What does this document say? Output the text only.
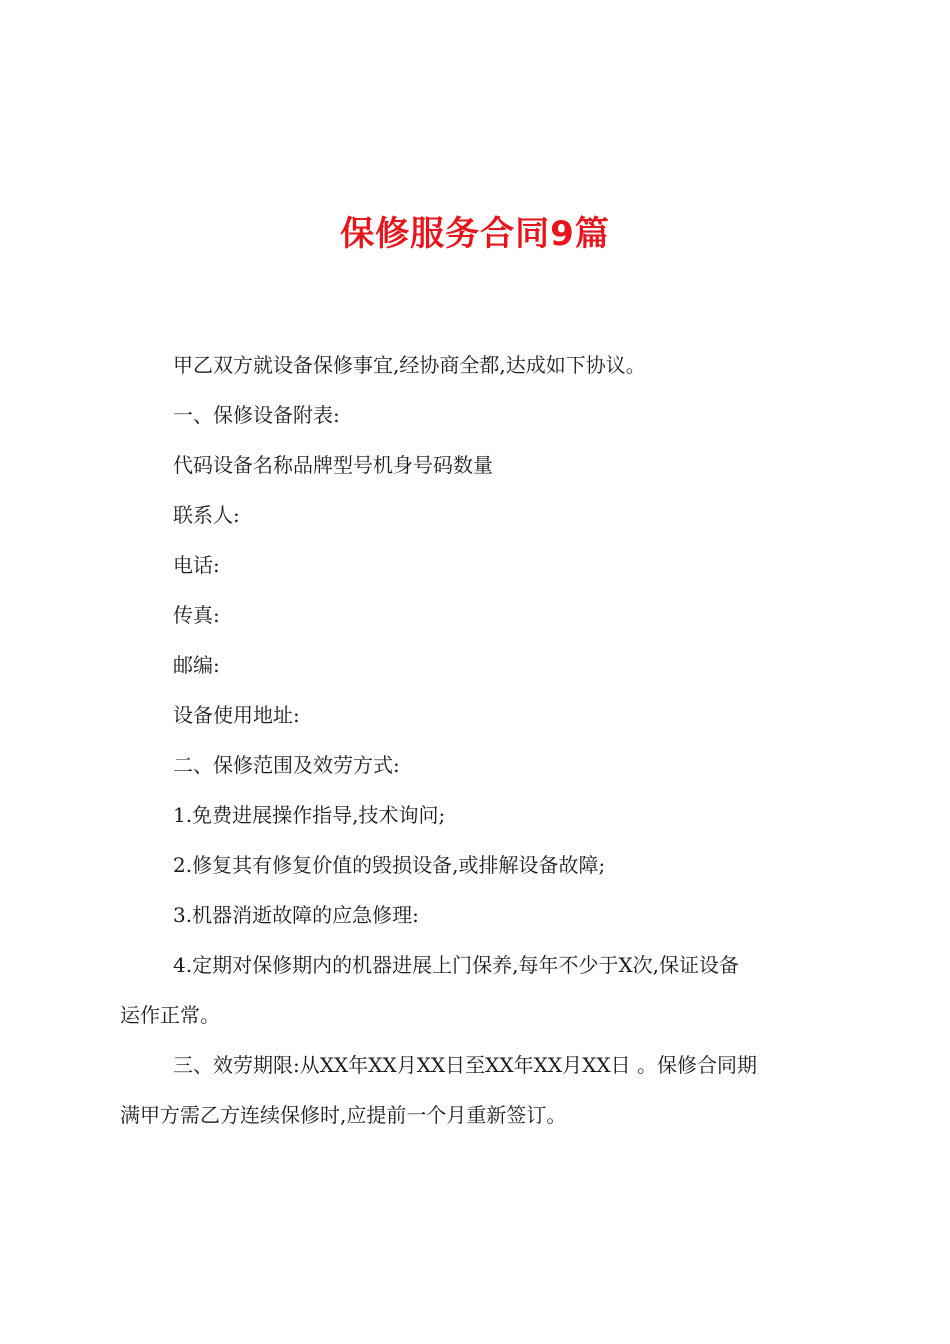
保修服务合同9篇

甲乙双方就设备保修事宜,经协商全都,达成如下协议。

一、保修设备附表:

代码设备名称品牌型号机身号码数量

联系人:

电话:

传真:

邮编:

设备使用地址:

二、保修范围及效劳方式:

1.免费进展操作指导,技术询问;

2.修复其有修复价值的毁损设备,或排解设备故障;

3.机器消逝故障的应急修理:

4.定期对保修期内的机器进展上门保养,每年不少于X次,保证设备
运作正常。
三、效劳期限:从XX年XX月XX日至XX年XX月XX日 。保修合同期
满甲方需乙方连续保修时,应提前一个月重新签订。
